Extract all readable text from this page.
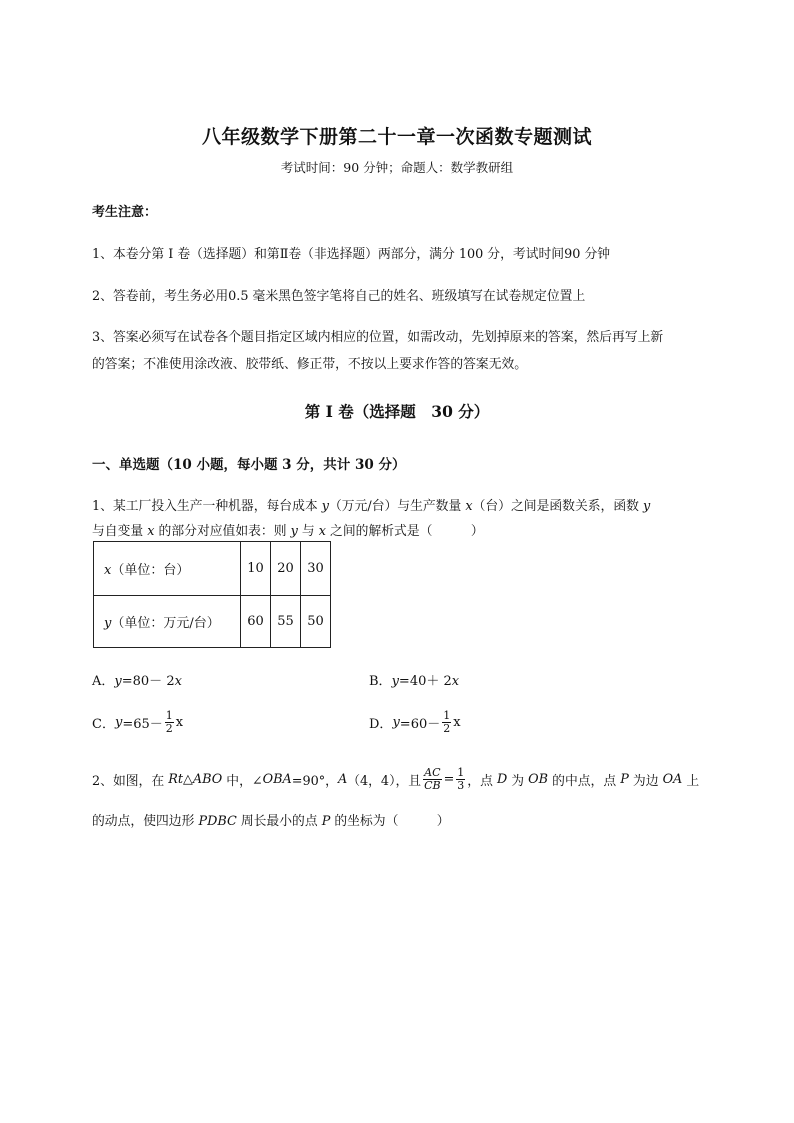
八年级数学下册第二十一章一次函数专题测试
考试时间：90 分钟；命题人：数学教研组
考生注意：
1、本卷分第 I 卷（选择题）和第Ⅱ卷（非选择题）两部分，满分 100 分，考试时间90 分钟
2、答卷前，考生务必用0.5 毫米黑色签字笔将自己的姓名、班级填写在试卷规定位置上
3、答案必须写在试卷各个题目指定区域内相应的位置，如需改动，先划掉原来的答案，然后再写上新
的答案；不准使用涂改液、胶带纸、修正带，不按以上要求作答的答案无效。
第 I 卷（选择题　30 分）
一、单选题（10 小题，每小题 3 分，共计 30 分）
1、某工厂投入生产一种机器，每台成本 y（万元/台）与生产数量 x（台）之间是函数关系，函数 y
与自变量 x 的部分对应值如表：则 y 与 x 之间的解析式是（　　　）
x（单位：台）	10	20	30
y（单位：万元/台）	60	55	50
A．y=80－ 2x	B．y=40＋ 2x
C．$y=65- \frac{1}{2}$ x	D．$y=60- \frac{1}{2}$ x
2、如图，在 Rt△ABO 中，∠OBA=90°，A（4，4），且 $\frac{AC}{CB} = \frac{1}{3}$ ，点 D 为 OB 的中点，点 P 为边 OA 上
的动点，使四边形 PDBC 周长最小的点 P 的坐标为（　　　）
